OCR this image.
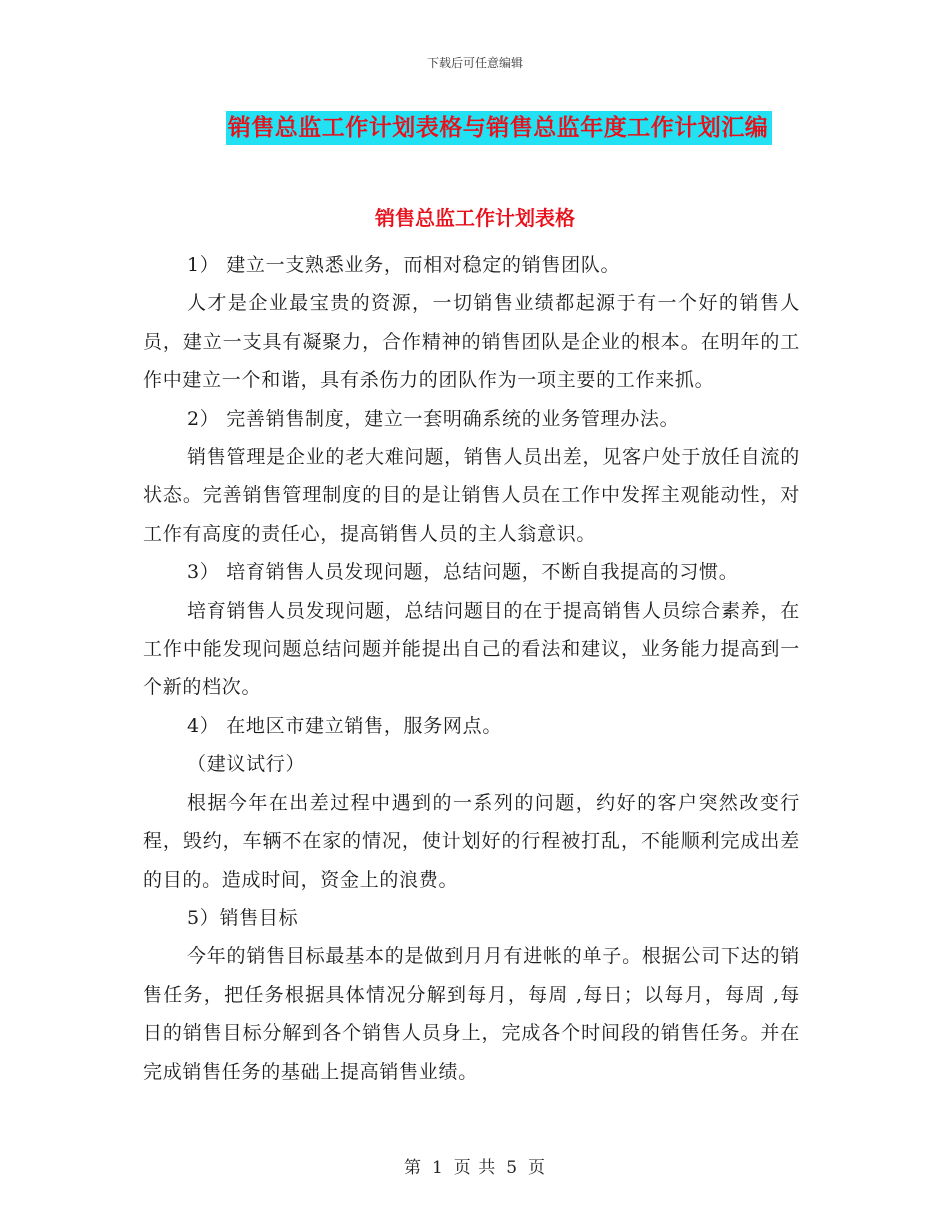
下载后可任意编辑
销售总监工作计划表格与销售总监年度工作计划汇编
销售总监工作计划表格

1） 建立一支熟悉业务，而相对稳定的销售团队。

人才是企业最宝贵的资源，一切销售业绩都起源于有一个好的销售人员，建立一支具有凝聚力，合作精神的销售团队是企业的根本。在明年的工作中建立一个和谐，具有杀伤力的团队作为一项主要的工作来抓。

2） 完善销售制度，建立一套明确系统的业务管理办法。

销售管理是企业的老大难问题，销售人员出差，见客户处于放任自流的状态。完善销售管理制度的目的是让销售人员在工作中发挥主观能动性，对工作有高度的责任心，提高销售人员的主人翁意识。

3） 培育销售人员发现问题，总结问题，不断自我提高的习惯。

培育销售人员发现问题，总结问题目的在于提高销售人员综合素养，在工作中能发现问题总结问题并能提出自己的看法和建议，业务能力提高到一个新的档次。

4） 在地区市建立销售，服务网点。

（建议试行）

根据今年在出差过程中遇到的一系列的问题，约好的客户突然改变行程，毁约，车辆不在家的情况，使计划好的行程被打乱，不能顺利完成出差的目的。造成时间，资金上的浪费。

5）销售目标

今年的销售目标最基本的是做到月月有进帐的单子。根据公司下达的销售任务，把任务根据具体情况分解到每月，每周 ,每日；以每月，每周 ,每日的销售目标分解到各个销售人员身上，完成各个时间段的销售任务。并在完成销售任务的基础上提高销售业绩。

第 1 页 共 5 页
